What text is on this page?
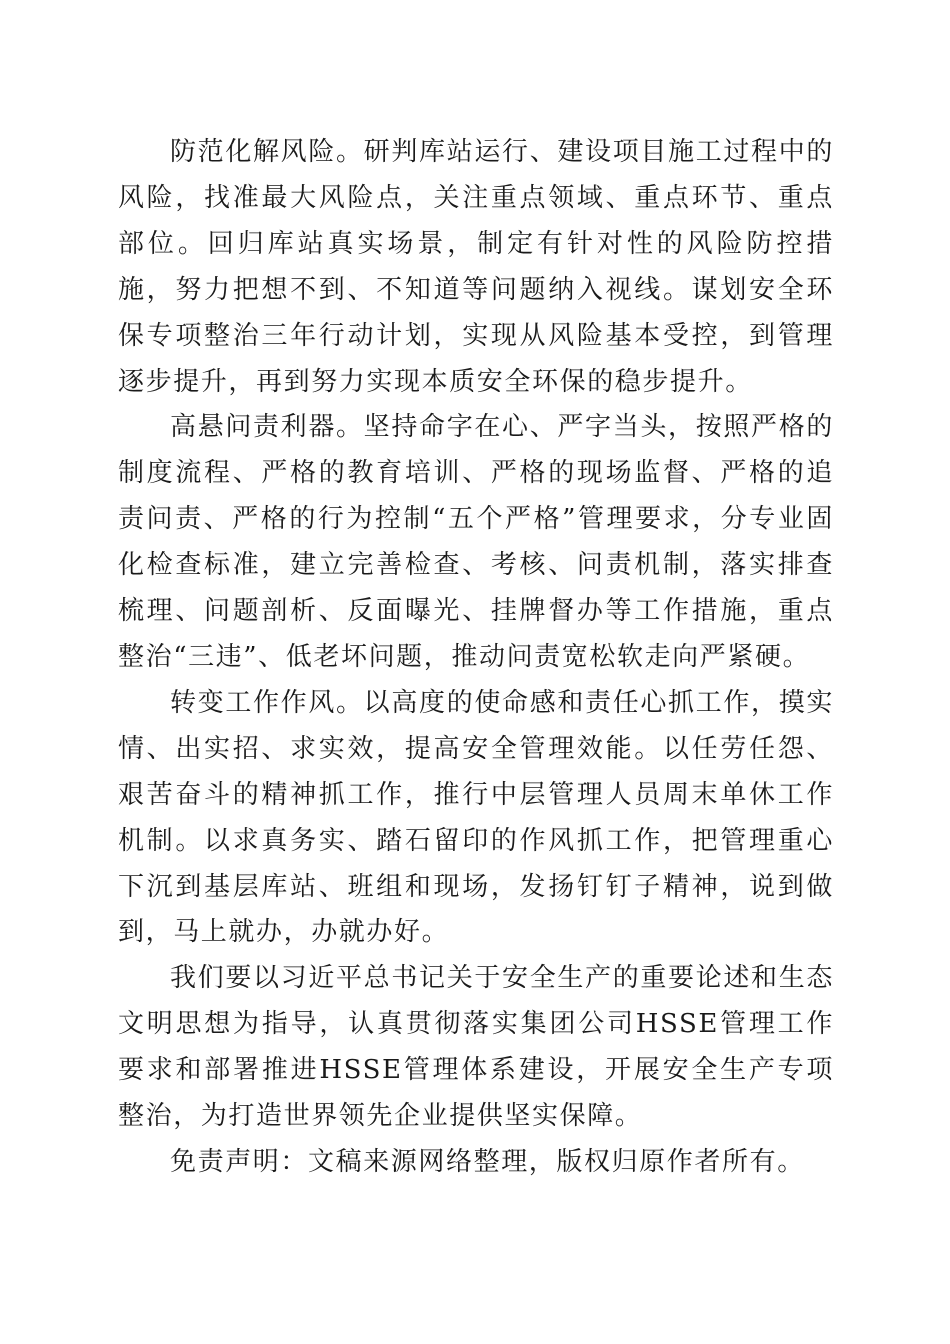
防范化解风险。研判库站运行、建设项目施工过程中的风险，找准最大风险点，关注重点领域、重点环节、重点部位。回归库站真实场景，制定有针对性的风险防控措施，努力把想不到、不知道等问题纳入视线。谋划安全环保专项整治三年行动计划，实现从风险基本受控，到管理逐步提升，再到努力实现本质安全环保的稳步提升。

高悬问责利器。坚持命字在心、严字当头，按照严格的制度流程、严格的教育培训、严格的现场监督、严格的追责问责、严格的行为控制“五个严格”管理要求，分专业固化检查标准，建立完善检查、考核、问责机制，落实排查梳理、问题剖析、反面曝光、挂牌督办等工作措施，重点整治“三违”、低老坏问题，推动问责宽松软走向严紧硬。

转变工作作风。以高度的使命感和责任心抓工作，摸实情、出实招、求实效，提高安全管理效能。以任劳任怨、艰苦奋斗的精神抓工作，推行中层管理人员周末单休工作机制。以求真务实、踏石留印的作风抓工作，把管理重心下沉到基层库站、班组和现场，发扬钉钉子精神，说到做到，马上就办，办就办好。

我们要以习近平总书记关于安全生产的重要论述和生态文明思想为指导，认真贯彻落实集团公司HSSE管理工作要求和部署推进HSSE管理体系建设，开展安全生产专项整治，为打造世界领先企业提供坚实保障。

免责声明：文稿来源网络整理，版权归原作者所有。
